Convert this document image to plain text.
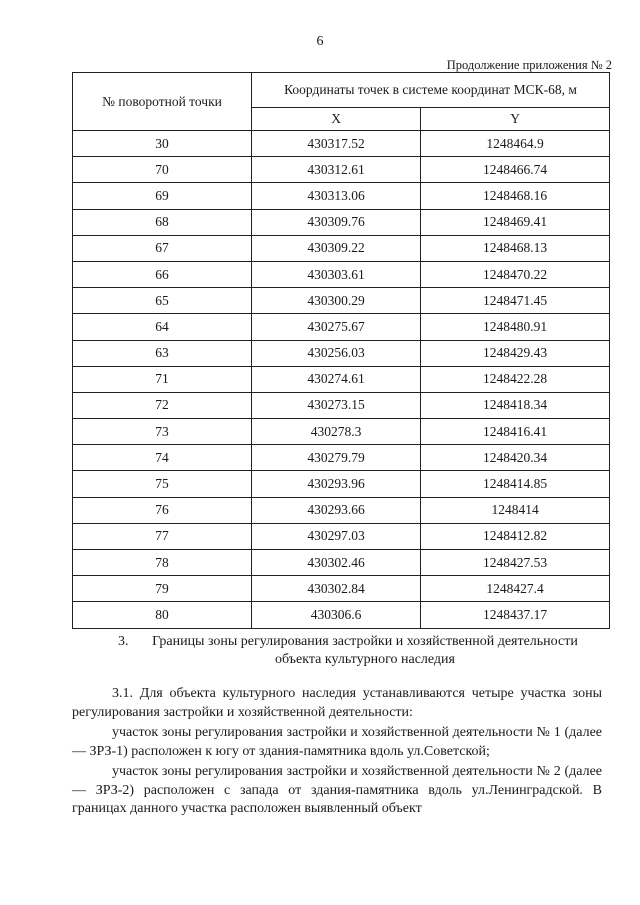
6
Продолжение приложения № 2
№ поворотной точки	Координаты точек в системе координат МСК-68, м	
	X	Y
30	430317.52	1248464.9
70	430312.61	1248466.74
69	430313.06	1248468.16
68	430309.76	1248469.41
67	430309.22	1248468.13
66	430303.61	1248470.22
65	430300.29	1248471.45
64	430275.67	1248480.91
63	430256.03	1248429.43
71	430274.61	1248422.28
72	430273.15	1248418.34
73	430278.3	1248416.41
74	430279.79	1248420.34
75	430293.96	1248414.85
76	430293.66	1248414
77	430297.03	1248412.82
78	430302.46	1248427.53
79	430302.84	1248427.4
80	430306.6	1248437.17
3. Границы зоны регулирования застройки и хозяйственной деятельности объекта культурного наследия

3.1. Для объекта культурного наследия устанавливаются четыре участка зоны регулирования застройки и хозяйственной деятельности:

участок зоны регулирования застройки и хозяйственной деятельности № 1 (далее — ЗРЗ-1) расположен к югу от здания-памятника вдоль ул.Советской;

участок зоны регулирования застройки и хозяйственной деятельности № 2 (далее — ЗРЗ-2) расположен с запада от здания-памятника вдоль ул.Ленинградской. В границах данного участка расположен выявленный объект
